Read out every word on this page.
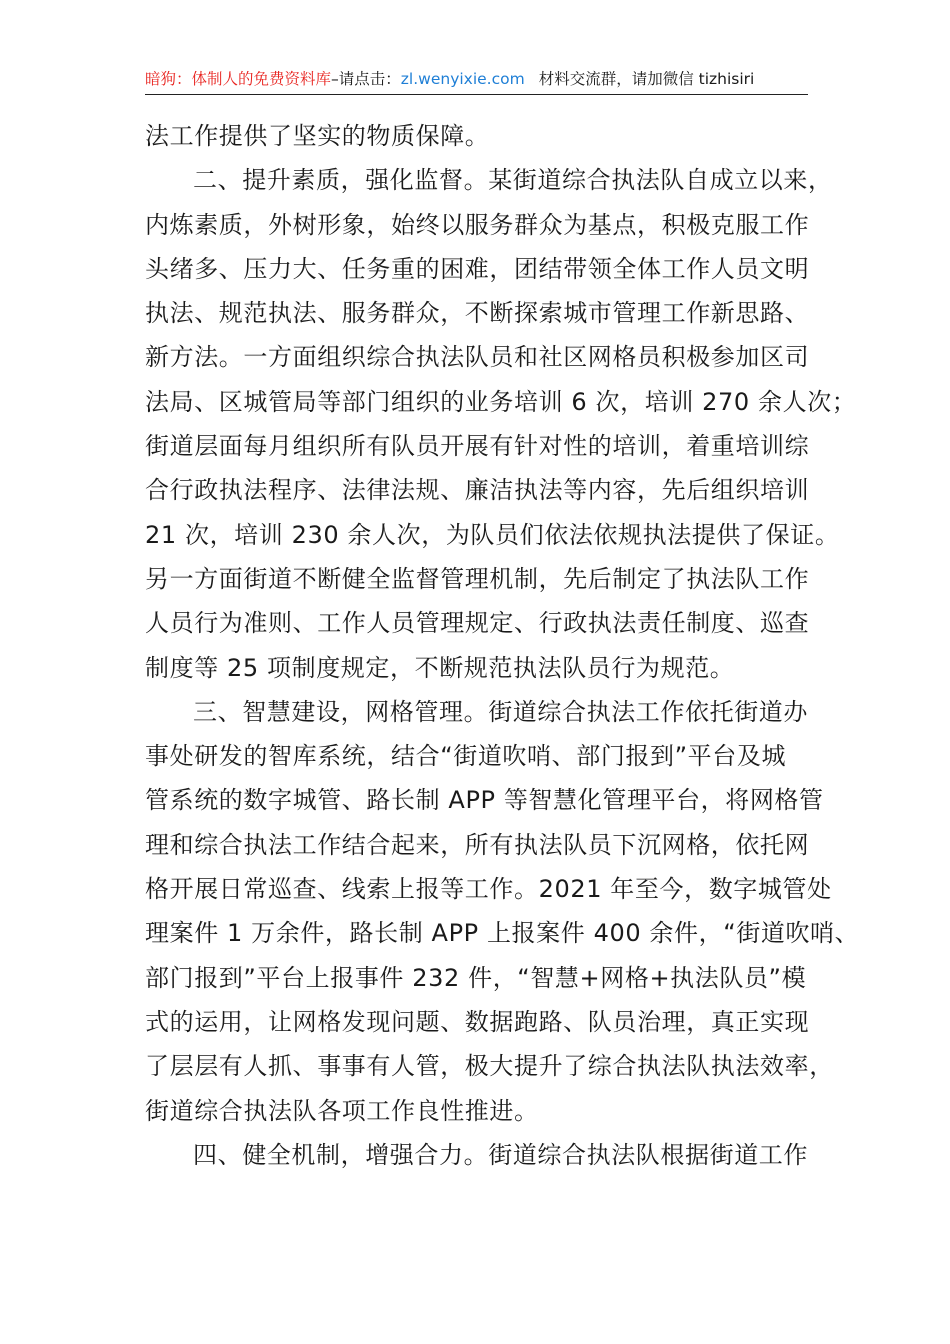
暗狗：体制人的免费资料库–请点击：zl.wenyixie.com 材料交流群，请加微信 tizhisiri
法工作提供了坚实的物质保障。
二、提升素质，强化监督。某街道综合执法队自成立以来，
内炼素质，外树形象，始终以服务群众为基点，积极克服工作
头绪多、压力大、任务重的困难，团结带领全体工作人员文明
执法、规范执法、服务群众，不断探索城市管理工作新思路、
新方法。一方面组织综合执法队员和社区网格员积极参加区司
法局、区城管局等部门组织的业务培训 6 次，培训 270 余人次；
街道层面每月组织所有队员开展有针对性的培训，着重培训综
合行政执法程序、法律法规、廉洁执法等内容，先后组织培训
21 次，培训 230 余人次，为队员们依法依规执法提供了保证。
另一方面街道不断健全监督管理机制，先后制定了执法队工作
人员行为准则、工作人员管理规定、行政执法责任制度、巡查
制度等 25 项制度规定，不断规范执法队员行为规范。
三、智慧建设，网格管理。街道综合执法工作依托街道办
事处研发的智库系统，结合“街道吹哨、部门报到”平台及城
管系统的数字城管、路长制 APP 等智慧化管理平台，将网格管
理和综合执法工作结合起来，所有执法队员下沉网格，依托网
格开展日常巡查、线索上报等工作。2021 年至今，数字城管处
理案件 1 万余件，路长制 APP 上报案件 400 余件，“街道吹哨、
部门报到”平台上报事件 232 件，“智慧+网格+执法队员”模
式的运用，让网格发现问题、数据跑路、队员治理，真正实现
了层层有人抓、事事有人管，极大提升了综合执法队执法效率，
街道综合执法队各项工作良性推进。
四、健全机制，增强合力。街道综合执法队根据街道工作
